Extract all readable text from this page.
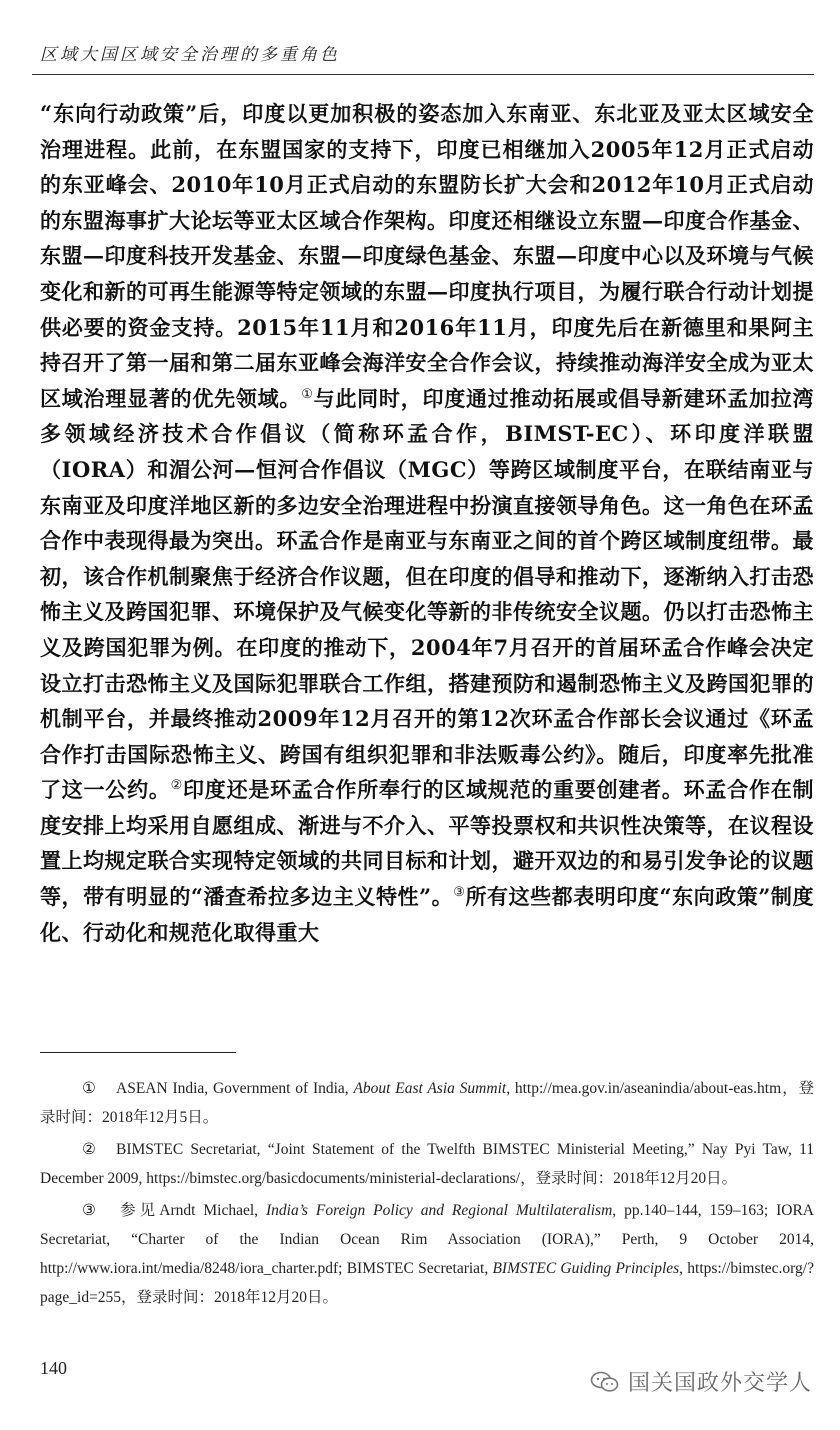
区域大国区域安全治理的多重角色
“东向行动政策”后，印度以更加积极的姿态加入东南亚、东北亚及亚太区域安全治理进程。此前，在东盟国家的支持下，印度已相继加入2005年12月正式启动的东亚峰会、2010年10月正式启动的东盟防长扩大会和2012年10月正式启动的东盟海事扩大论坛等亚太区域合作架构。印度还相继设立东盟—印度合作基金、东盟—印度科技开发基金、东盟—印度绿色基金、东盟—印度中心以及环境与气候变化和新的可再生能源等特定领域的东盟—印度执行项目，为履行联合行动计划提供必要的资金支持。2015年11月和2016年11月，印度先后在新德里和果阿主持召开了第一届和第二届东亚峰会海洋安全合作会议，持续推动海洋安全成为亚太区域治理显著的优先领域。①与此同时，印度通过推动拓展或倡导新建环孟加拉湾多领域经济技术合作倡议（简称环孟合作，BIMST-EC）、环印度洋联盟（IORA）和湄公河—恒河合作倡议（MGC）等跨区域制度平台，在联结南亚与东南亚及印度洋地区新的多边安全治理进程中扮演直接领导角色。这一角色在环孟合作中表现得最为突出。环孟合作是南亚与东南亚之间的首个跨区域制度纽带。最初，该合作机制聚焦于经济合作议题，但在印度的倡导和推动下，逐渐纳入打击恐怖主义及跨国犯罪、环境保护及气候变化等新的非传统安全议题。仍以打击恐怖主义及跨国犯罪为例。在印度的推动下，2004年7月召开的首届环孟合作峰会决定设立打击恐怖主义及国际犯罪联合工作组，搭建预防和遏制恐怖主义及跨国犯罪的机制平台，并最终推动2009年12月召开的第12次环孟合作部长会议通过《环孟合作打击国际恐怖主义、跨国有组织犯罪和非法贩毒公约》。随后，印度率先批准了这一公约。②印度还是环孟合作所奉行的区域规范的重要创建者。环孟合作在制度安排上均采用自愿组成、渐进与不介入、平等投票权和共识性决策等，在议程设置上均规定联合实现特定领域的共同目标和计划，避开双边的和易引发争论的议题等，带有明显的“潘查希拉多边主义特性”。③所有这些都表明印度“东向政策”制度化、行动化和规范化取得重大

① ASEAN India, Government of India, About East Asia Summit, http://mea.gov.in/aseanindia/about-eas.htm，登录时间：2018年12月5日。

② BIMSTEC Secretariat, “Joint Statement of the Twelfth BIMSTEC Ministerial Meeting,” Nay Pyi Taw, 11 December 2009, https://bimstec.org/basicdocuments/ministerial-declarations/，登录时间：2018年12月20日。

③ 参见Arndt Michael, India’s Foreign Policy and Regional Multilateralism, pp.140–144, 159–163; IORA Secretariat, “Charter of the Indian Ocean Rim Association (IORA),” Perth, 9 October 2014, http://www.iora.int/media/8248/iora_charter.pdf; BIMSTEC Secretariat, BIMSTEC Guiding Principles, https://bimstec.org/?page_id=255，登录时间：2018年12月20日。

140
国关国政外交学人
